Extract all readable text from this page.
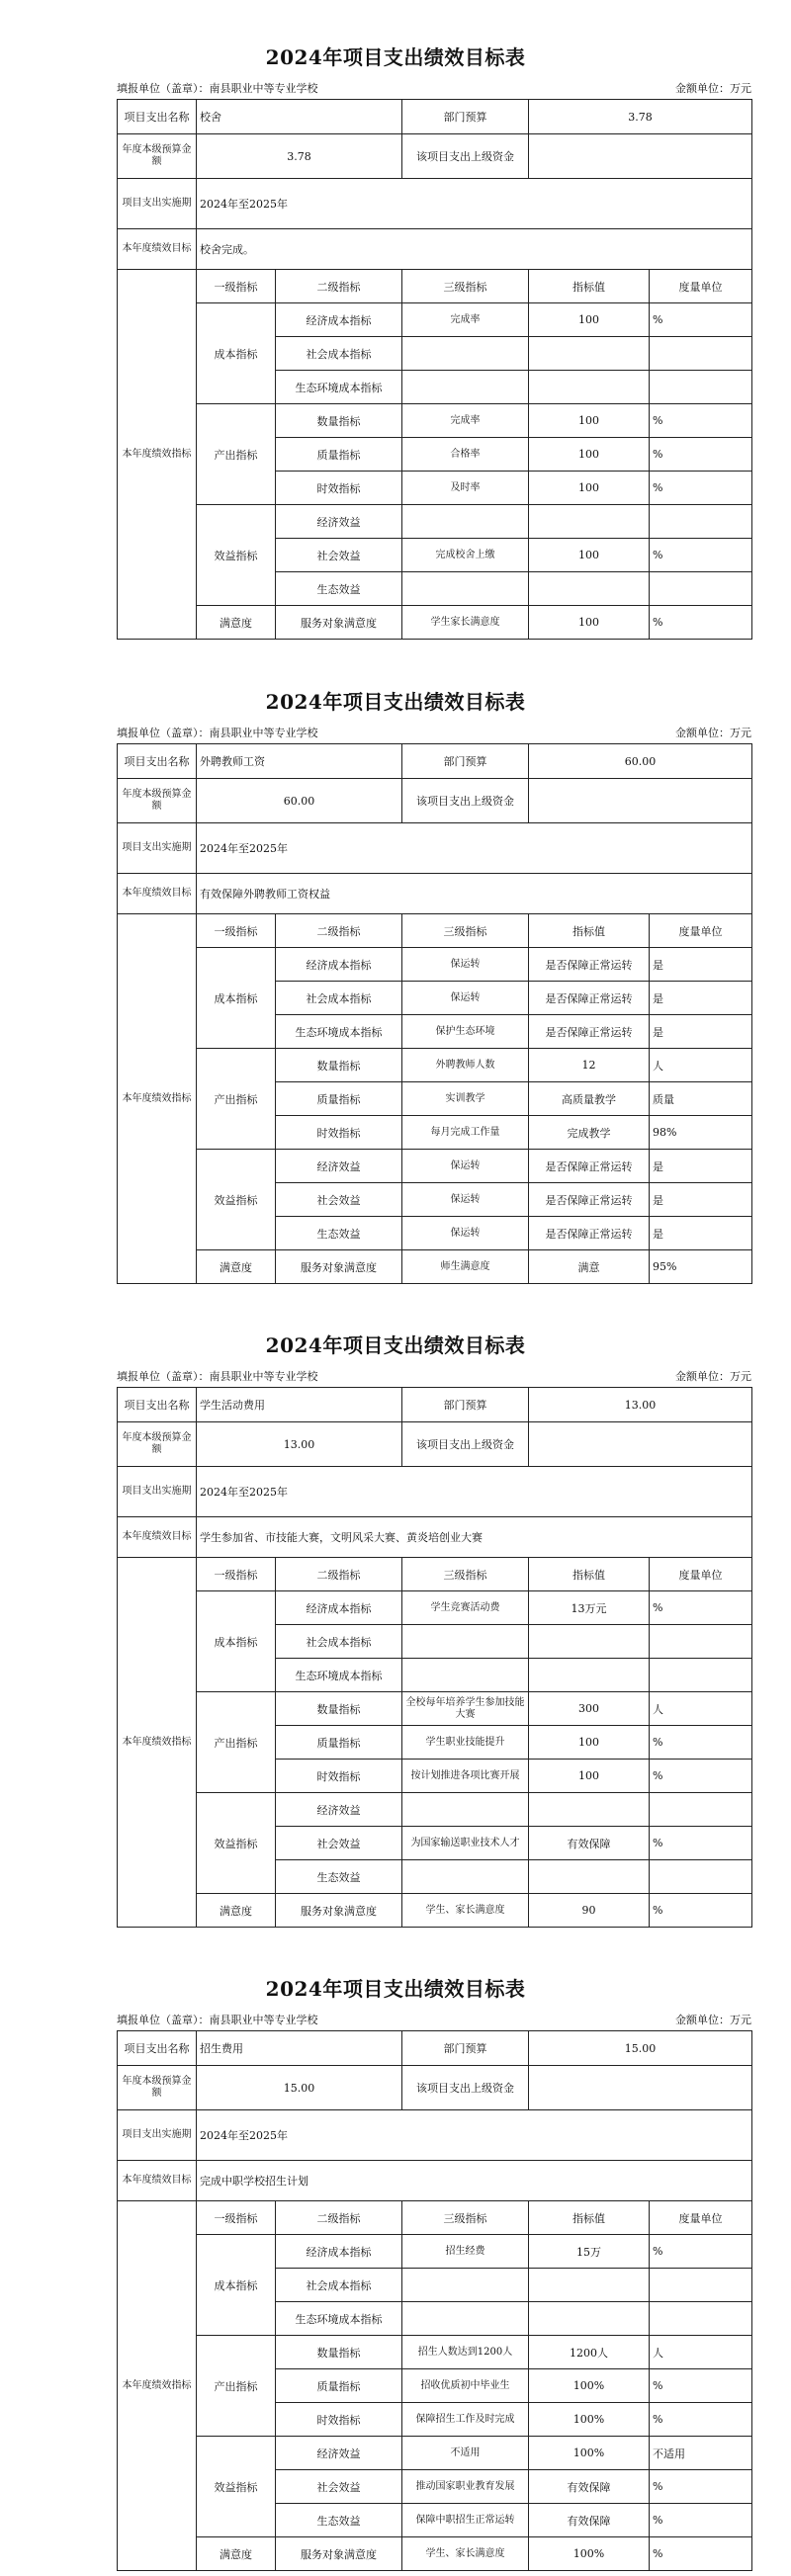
2024年项目支出绩效目标表
填报单位（盖章）：南县职业中等专业学校	金额单位：万元
项目支出名称	校舍		部门预算	3.78	
年度本级预算金额	3.78		该项目支出上级资金		
项目支出实施期	2024年至2025年				
本年度绩效目标	校舍完成。				
本年度绩效指标	一级指标	二级指标	三级指标	指标值	度量单位
	成本指标	经济成本指标	完成率	100	%
		社会成本指标			
		生态环境成本指标			
	产出指标	数量指标	完成率	100	%
		质量指标	合格率	100	%
		时效指标	及时率	100	%
	效益指标	经济效益			
		社会效益	完成校舍上缴	100	%
		生态效益			
	满意度	服务对象满意度	学生家长满意度	100	%
2024年项目支出绩效目标表
填报单位（盖章）：南县职业中等专业学校	金额单位：万元
项目支出名称	外聘教师工资		部门预算	60.00	
年度本级预算金额	60.00		该项目支出上级资金		
项目支出实施期	2024年至2025年				
本年度绩效目标	有效保障外聘教师工资权益				
本年度绩效指标	一级指标	二级指标	三级指标	指标值	度量单位
	成本指标	经济成本指标	保运转	是否保障正常运转	是
		社会成本指标	保运转	是否保障正常运转	是
		生态环境成本指标	保护生态环境	是否保障正常运转	是
	产出指标	数量指标	外聘教师人数	12	人
		质量指标	实训教学	高质量教学	质量
		时效指标	每月完成工作量	完成教学	98%
	效益指标	经济效益	保运转	是否保障正常运转	是
		社会效益	保运转	是否保障正常运转	是
		生态效益	保运转	是否保障正常运转	是
	满意度	服务对象满意度	师生满意度	满意	95%
2024年项目支出绩效目标表
填报单位（盖章）：南县职业中等专业学校	金额单位：万元
项目支出名称	学生活动费用		部门预算	13.00	
年度本级预算金额	13.00		该项目支出上级资金		
项目支出实施期	2024年至2025年				
本年度绩效目标	学生参加省、市技能大赛，文明风采大赛、黄炎培创业大赛				
本年度绩效指标	一级指标	二级指标	三级指标	指标值	度量单位
	成本指标	经济成本指标	学生竞赛活动费	13万元	%
		社会成本指标			
		生态环境成本指标			
	产出指标	数量指标	全校每年培养学生参加技能大赛	300	人
		质量指标	学生职业技能提升	100	%
		时效指标	按计划推进各项比赛开展	100	%
	效益指标	经济效益			
		社会效益	为国家输送职业技术人才	有效保障	%
		生态效益			
	满意度	服务对象满意度	学生、家长满意度	90	%
2024年项目支出绩效目标表
填报单位（盖章）：南县职业中等专业学校	金额单位：万元
项目支出名称	招生费用		部门预算	15.00	
年度本级预算金额	15.00		该项目支出上级资金		
项目支出实施期	2024年至2025年				
本年度绩效目标	完成中职学校招生计划				
本年度绩效指标	一级指标	二级指标	三级指标	指标值	度量单位
	成本指标	经济成本指标	招生经费	15万	%
		社会成本指标			
		生态环境成本指标			
	产出指标	数量指标	招生人数达到1200人	1200人	人
		质量指标	招收优质初中毕业生	100%	%
		时效指标	保障招生工作及时完成	100%	%
	效益指标	经济效益	不适用	100%	不适用
		社会效益	推动国家职业教育发展	有效保障	%
		生态效益	保障中职招生正常运转	有效保障	%
	满意度	服务对象满意度	学生、家长满意度	100%	%
